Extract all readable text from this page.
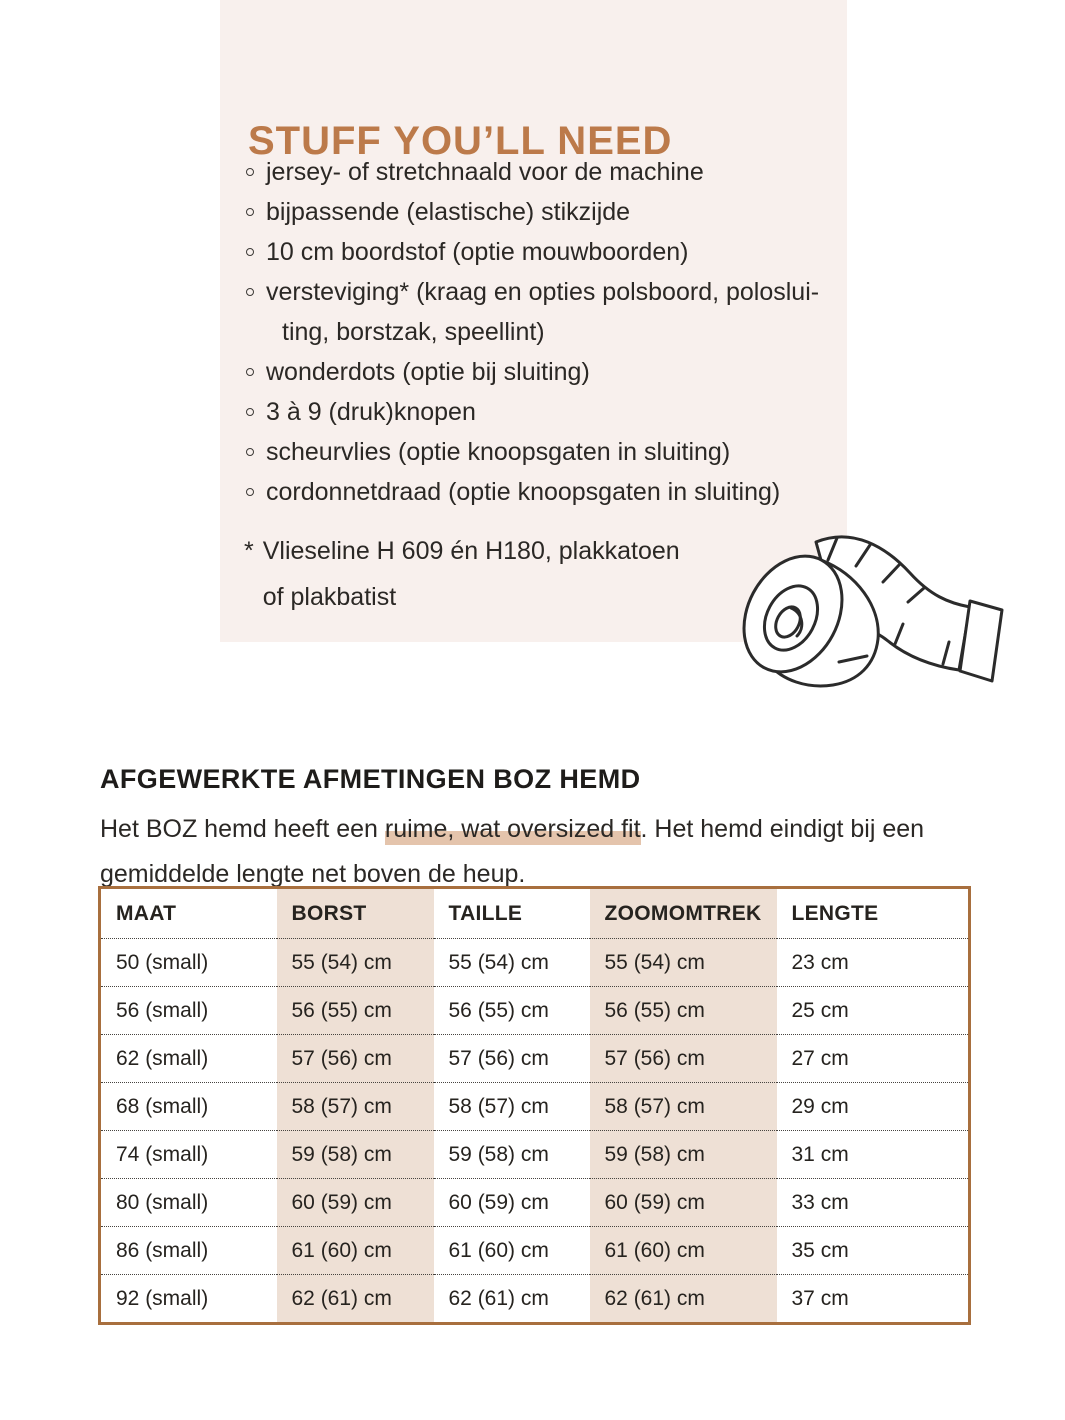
STUFF YOU’LL NEED
jersey- of stretchnaald voor de machine
bijpassende (elastische) stikzijde
10 cm boordstof (optie mouwboorden)
versteviging* (kraag en opties polsboord, poloslui-
ting, borstzak, speellint)
wonderdots (optie bij sluiting)
3 à 9 (druk)knopen
scheurvlies (optie knoopsgaten in sluiting)
cordonnetdraad (optie knoopsgaten in sluiting)
* Vlieseline H 609 én H180, plakkatoen
of plakbatist
AFGEWERKTE AFMETINGEN BOZ HEMD

Het BOZ hemd heeft een ruime, wat oversized fit. Het hemd eindigt bij een gemiddelde lengte net boven de heup.

MAAT	BORST	TAILLE	ZOOMOMTREK	LENGTE
50 (small)	55 (54) cm	55 (54) cm	55 (54) cm	23 cm
56 (small)	56 (55) cm	56 (55) cm	56 (55) cm	25 cm
62 (small)	57 (56) cm	57 (56) cm	57 (56) cm	27 cm
68 (small)	58 (57) cm	58 (57) cm	58 (57) cm	29 cm
74 (small)	59 (58) cm	59 (58) cm	59 (58) cm	31 cm
80 (small)	60 (59) cm	60 (59) cm	60 (59) cm	33 cm
86 (small)	61 (60) cm	61 (60) cm	61 (60) cm	35 cm
92 (small)	62 (61) cm	62 (61) cm	62 (61) cm	37 cm
